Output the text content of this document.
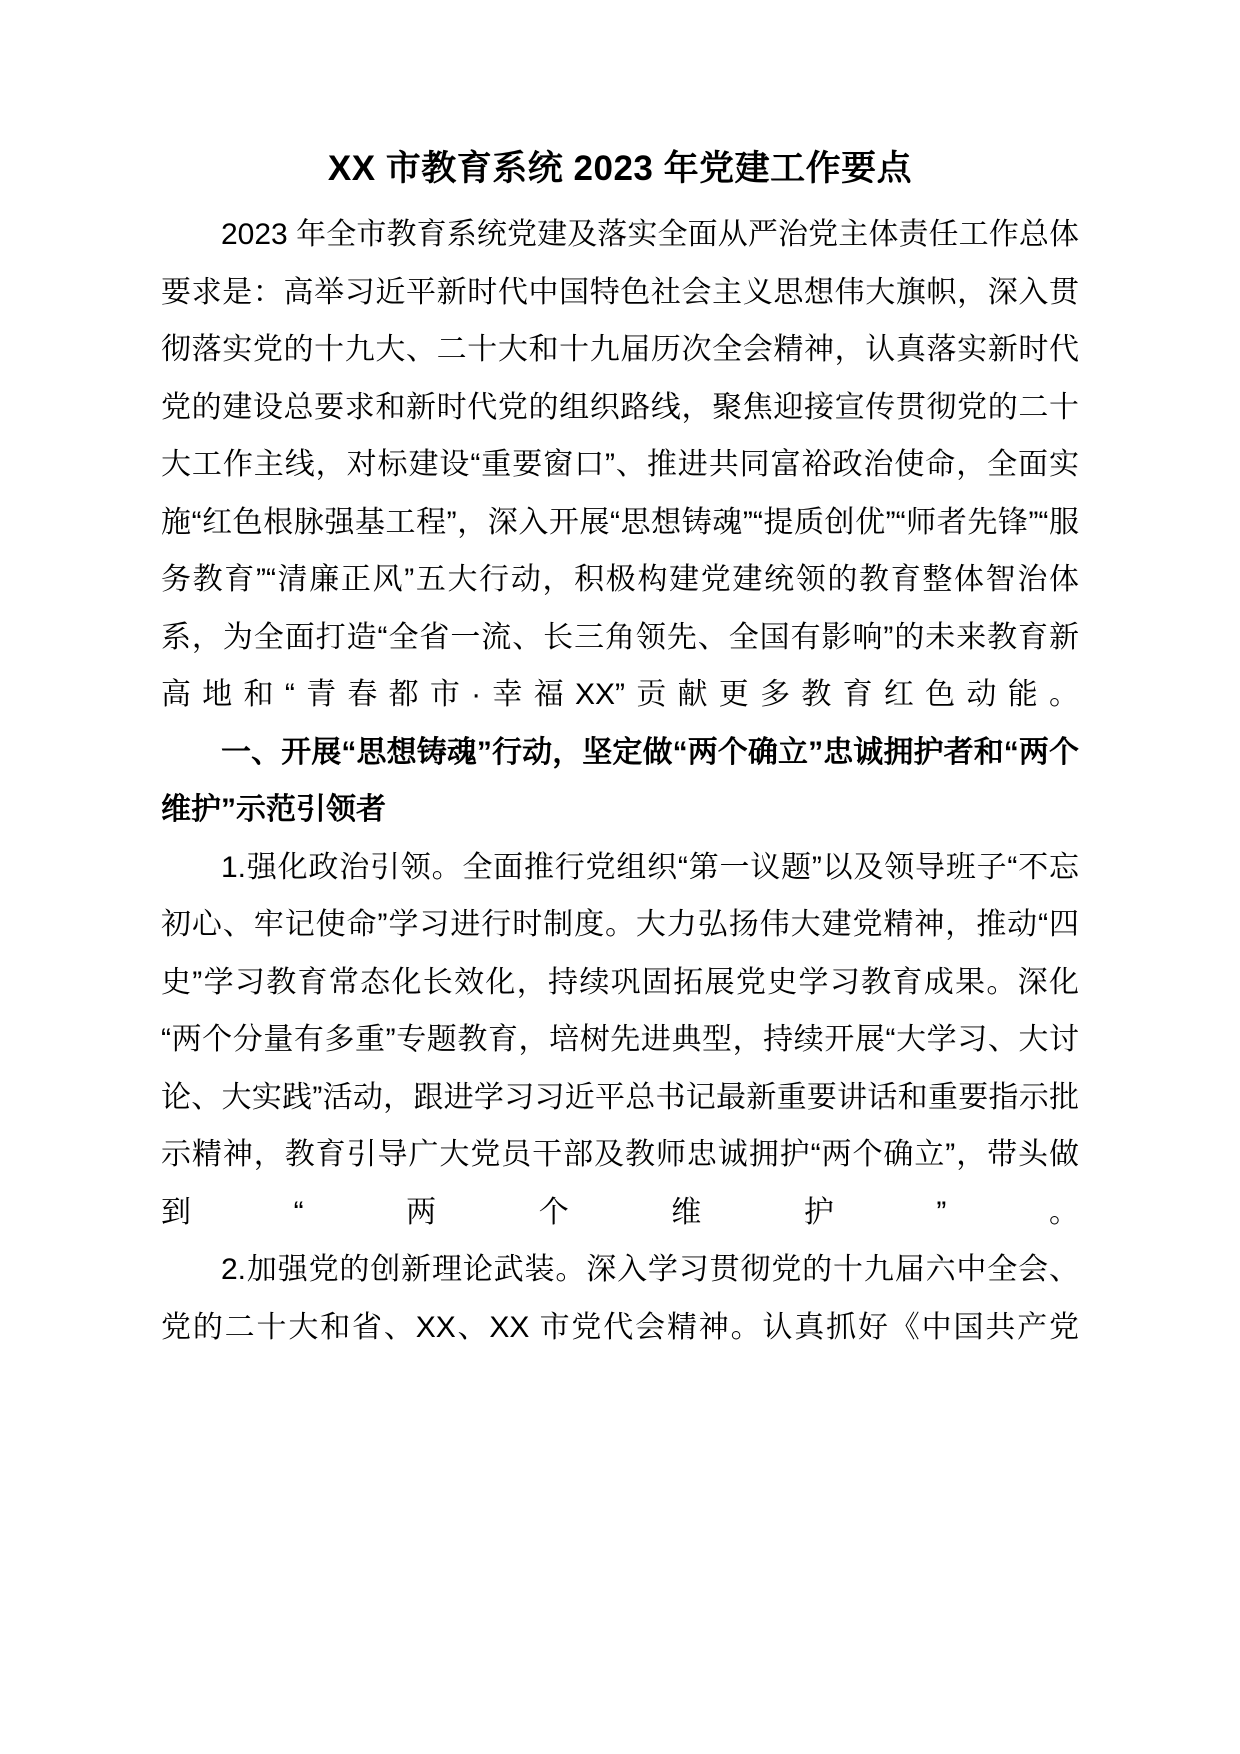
XX 市教育系统 2023 年党建工作要点

2023 年全市教育系统党建及落实全面从严治党主体责任工作总体要求是：高举习近平新时代中国特色社会主义思想伟大旗帜，深入贯彻落实党的十九大、二十大和十九届历次全会精神，认真落实新时代党的建设总要求和新时代党的组织路线，聚焦迎接宣传贯彻党的二十大工作主线，对标建设“重要窗口”、推进共同富裕政治使命，全面实施“红色根脉强基工程”，深入开展“思想铸魂”“提质创优”“师者先锋”“服务教育”“清廉正风”五大行动，积极构建党建统领的教育整体智治体系，为全面打造“全省一流、长三角领先、全国有影响”的未来教育新高地和“青春都市·幸福XX”贡献更多教育红色动能。

一、开展“思想铸魂”行动，坚定做“两个确立”忠诚拥护者和“两个维护”示范引领者

1.强化政治引领。全面推行党组织“第一议题”以及领导班子“不忘初心、牢记使命”学习进行时制度。大力弘扬伟大建党精神，推动“四史”学习教育常态化长效化，持续巩固拓展党史学习教育成果。深化“两个分量有多重”专题教育，培树先进典型，持续开展“大学习、大讨论、大实践”活动，跟进学习习近平总书记最新重要讲话和重要指示批示精神，教育引导广大党员干部及教师忠诚拥护“两个确立”，带头做到“两个维护”。

2.加强党的创新理论武装。深入学习贯彻党的十九届六中全会、党的二十大和省、XX、XX 市党代会精神。认真抓好《中国共产党
